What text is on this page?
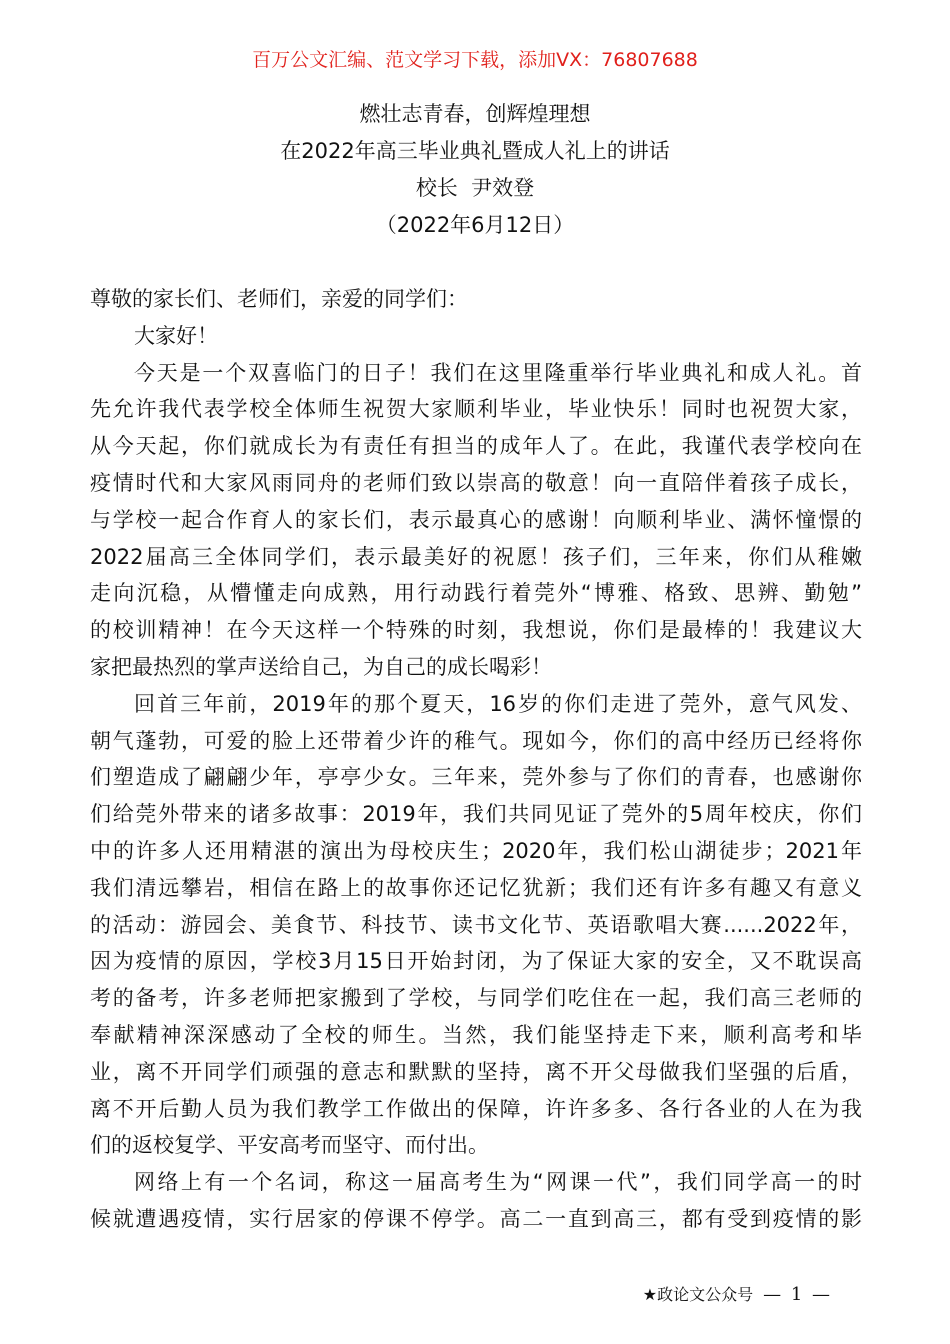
百万公文汇编、范文学习下载，添加VX：76807688
燃壮志青春，创辉煌理想
在2022年高三毕业典礼暨成人礼上的讲话
校长  尹效登
（2022年6月12日）
尊敬的家长们、老师们，亲爱的同学们：
大家好！
今天是一个双喜临门的日子！我们在这里隆重举行毕业典礼和成人礼。首
先允许我代表学校全体师生祝贺大家顺利毕业，毕业快乐！同时也祝贺大家，
从今天起，你们就成长为有责任有担当的成年人了。在此，我谨代表学校向在
疫情时代和大家风雨同舟的老师们致以崇高的敬意！向一直陪伴着孩子成长，
与学校一起合作育人的家长们，表示最真心的感谢！向顺利毕业、满怀憧憬的
2022届高三全体同学们，表示最美好的祝愿！孩子们，三年来，你们从稚嫩
走向沉稳，从懵懂走向成熟，用行动践行着莞外“博雅、格致、思辨、勤勉”
的校训精神！在今天这样一个特殊的时刻，我想说，你们是最棒的！我建议大
家把最热烈的掌声送给自己，为自己的成长喝彩！
回首三年前，2019年的那个夏天，16岁的你们走进了莞外，意气风发、
朝气蓬勃，可爱的脸上还带着少许的稚气。现如今，你们的高中经历已经将你
们塑造成了翩翩少年，亭亭少女。三年来，莞外参与了你们的青春，也感谢你
们给莞外带来的诸多故事：2019年，我们共同见证了莞外的5周年校庆，你们
中的许多人还用精湛的演出为母校庆生；2020年，我们松山湖徒步；2021年
我们清远攀岩，相信在路上的故事你还记忆犹新；我们还有许多有趣又有意义
的活动：游园会、美食节、科技节、读书文化节、英语歌唱大赛......2022年，
因为疫情的原因，学校3月15日开始封闭，为了保证大家的安全，又不耽误高
考的备考，许多老师把家搬到了学校，与同学们吃住在一起，我们高三老师的
奉献精神深深感动了全校的师生。当然，我们能坚持走下来，顺利高考和毕
业，离不开同学们顽强的意志和默默的坚持，离不开父母做我们坚强的后盾，
离不开后勤人员为我们教学工作做出的保障，许许多多、各行各业的人在为我
们的返校复学、平安高考而坚守、而付出。
网络上有一个名词，称这一届高考生为“网课一代”，我们同学高一的时
候就遭遇疫情，实行居家的停课不停学。高二一直到高三，都有受到疫情的影
★政论文公众号 — 1 —
